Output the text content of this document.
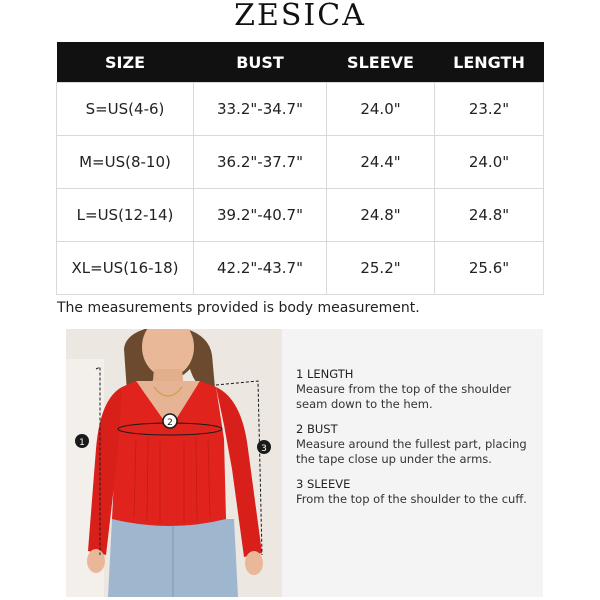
ZESICA
SIZE	BUST	SLEEVE	LENGTH
S=US(4-6)	33.2"-34.7"	24.0"	23.2"
M=US(8-10)	36.2"-37.7"	24.4"	24.0"
L=US(12-14)	39.2"-40.7"	24.8"	24.8"
XL=US(16-18)	42.2"-43.7"	25.2"	25.6"
The measurements provided is body measurement.
1
2
3
1 LENGTH
Measure from the top of the shoulder seam down to the hem.
2 BUST
Measure around the fullest part, placing the tape close up under the arms.
3 SLEEVE
From the top of the shoulder to the cuff.
